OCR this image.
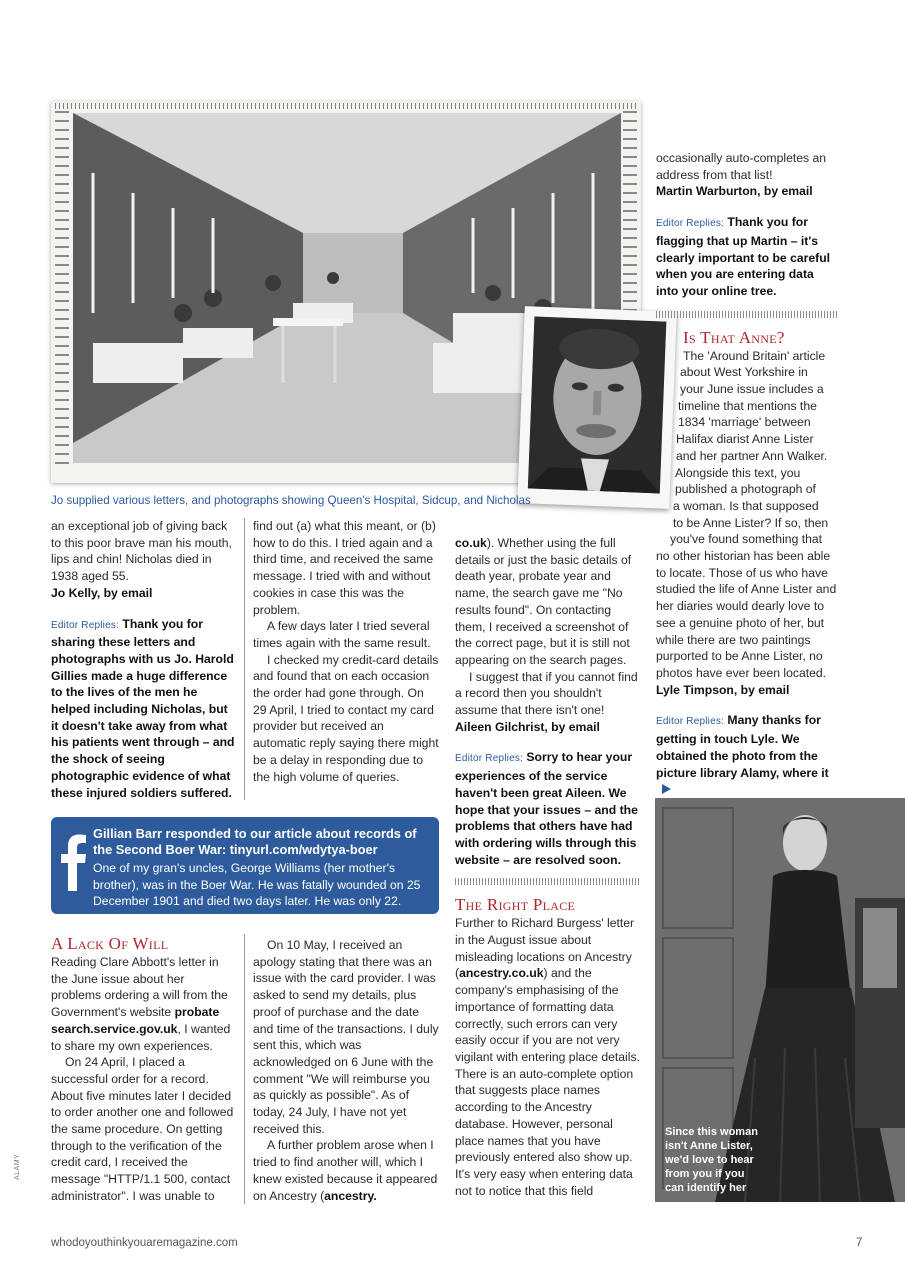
Jo supplied various letters, and photographs showing Queen's Hospital, Sidcup, and Nicholas

an exceptional job of giving back to this poor brave man his mouth, lips and chin! Nicholas died in 1938 aged 55.

Jo Kelly, by email

Editor Replies: Thank you for sharing these letters and photographs with us Jo. Harold Gillies made a huge difference to the lives of the men he helped including Nicholas, but it doesn't take away from what his patients went through – and the shock of seeing photographic evidence of what these injured soldiers suffered.

find out (a) what this meant, or (b) how to do this. I tried again and a third time, and received the same message. I tried with and without cookies in case this was the problem.

A few days later I tried several times again with the same result.

I checked my credit-card details and found that on each occasion the order had gone through. On 29 April, I tried to contact my card provider but received an automatic reply saying there might be a delay in responding due to the high volume of queries.

co.uk). Whether using the full details or just the basic details of death year, probate year and name, the search gave me "No results found". On contacting them, I received a screenshot of the correct page, but it is still not appearing on the search pages.

I suggest that if you cannot find a record then you shouldn't assume that there isn't one!

Aileen Gilchrist, by email

Editor Replies: Sorry to hear your experiences of the service haven't been great Aileen. We hope that your issues – and the problems that others have had with ordering wills through this website – are resolved soon.

The Right Place

Further to Richard Burgess' letter in the August issue about misleading locations on Ancestry (ancestry.co.uk) and the company's emphasising of the importance of formatting data correctly, such errors can very easily occur if you are not very vigilant with entering place details. There is an auto-complete option that suggests place names according to the Ancestry database. However, personal place names that you have previously entered also show up. It's very easy when entering data not to notice that this field

occasionally auto-completes an address from that list!

Martin Warburton, by email

Editor Replies: Thank you for flagging that up Martin – it's clearly important to be careful when you are entering data into your online tree.

Is That Anne?

The 'Around Britain' article

about West Yorkshire in

your June issue includes a

timeline that mentions the

1834 'marriage' between

Halifax diarist Anne Lister

and her partner Ann Walker.

Alongside this text, you

published a photograph of

a woman. Is that supposed

to be Anne Lister? If so, then

you've found something that no other historian has been able to locate. Those of us who have studied the life of Anne Lister and her diaries would dearly love to see a genuine photo of her, but while there are two paintings purported to be Anne Lister, no photos have ever been located.

Lyle Timpson, by email

Editor Replies: Many thanks for getting in touch Lyle. We obtained the photo from the picture library Alamy, where it

Gillian Barr responded to our article about records of the Second Boer War: tinyurl.com/wdytya-boer
One of my gran's uncles, George Williams (her mother's brother), was in the Boer War. He was fatally wounded on 25 December 1901 and died two days later. He was only 22.
A Lack Of Will

Reading Clare Abbott's letter in the June issue about her problems ordering a will from the Government's website probate search.service.gov.uk, I wanted to share my own experiences.

On 24 April, I placed a successful order for a record. About five minutes later I decided to order another one and followed the same procedure. On getting through to the verification of the credit card, I received the message "HTTP/1.1 500, contact administrator". I was unable to

On 10 May, I received an apology stating that there was an issue with the card provider. I was asked to send my details, plus proof of purchase and the date and time of the transactions. I duly sent this, which was acknowledged on 6 June with the comment "We will reimburse you as quickly as possible". As of today, 24 July, I have not yet received this.

A further problem arose when I tried to find another will, which I knew existed because it appeared on Ancestry (ancestry.

Since this woman isn't Anne Lister, we'd love to hear from you if you can identify her
ALAMY
whodoyouthinkyouaremagazine.com	7
